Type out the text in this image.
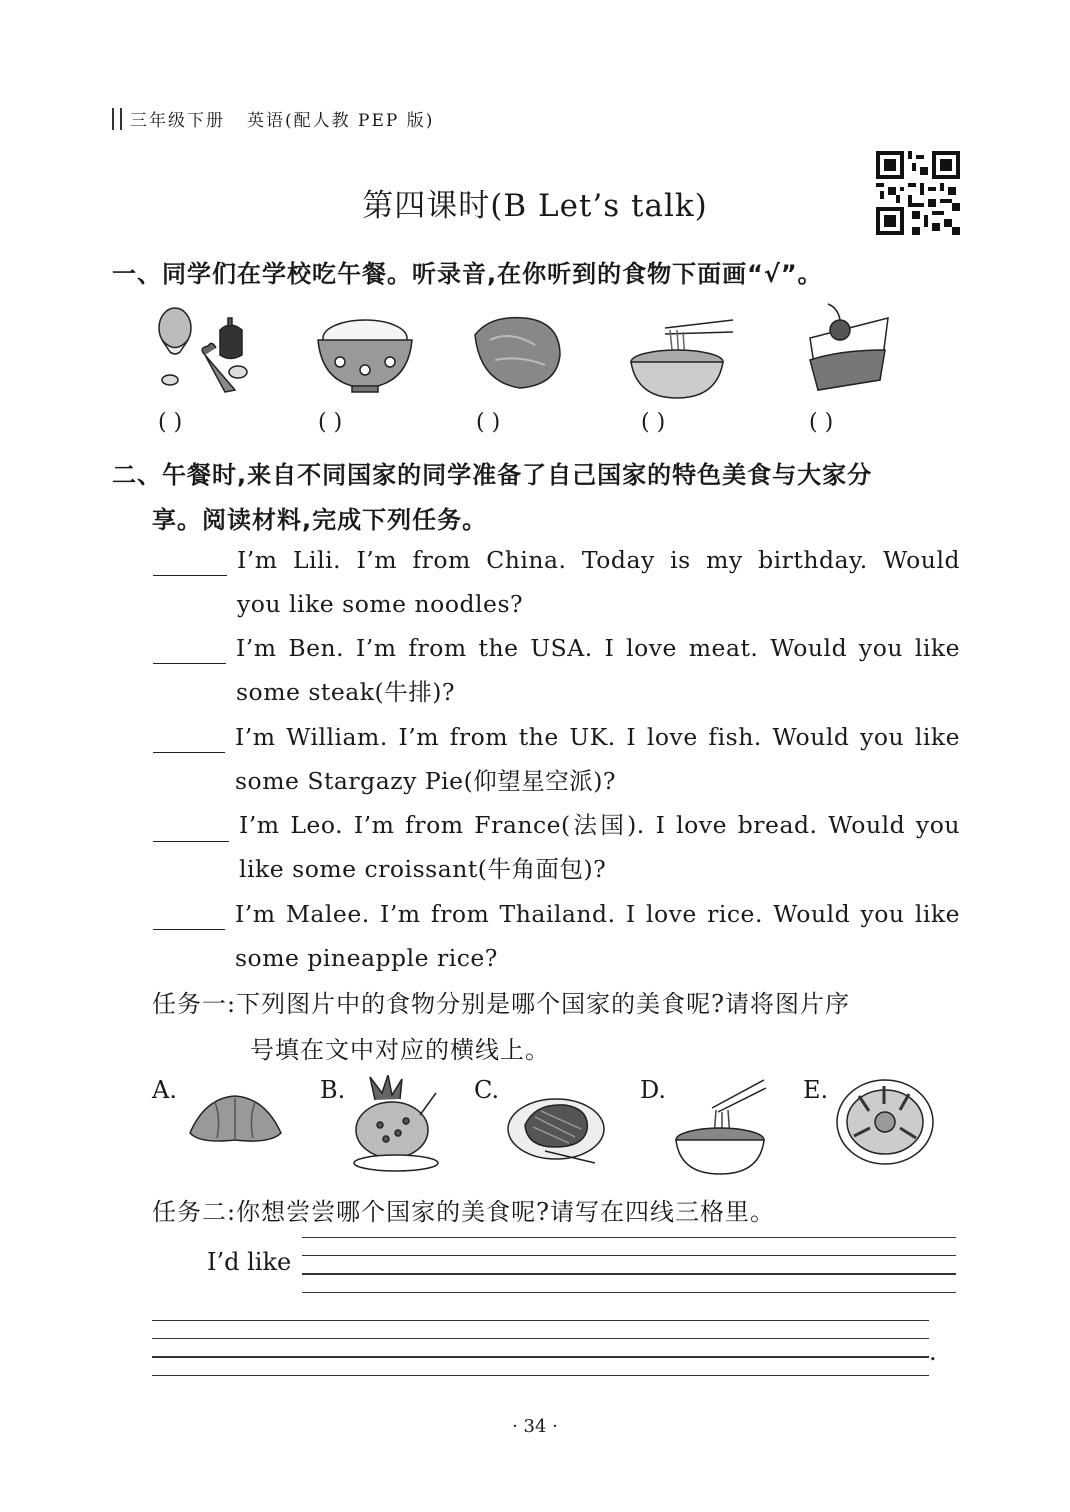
三年级下册 英语(配人教 PEP 版)
第四课时(B Let’s talk)
一、同学们在学校吃午餐。听录音,在你听到的食物下面画“√”。
( )	( )	( )	( )	( )
二、午餐时,来自不同国家的同学准备了自己国家的特色美食与大家分
享。阅读材料,完成下列任务。
I’m Lili. I’m from China. Today is my birthday. Would
you like some noodles?
I’m Ben. I’m from the USA. I love meat. Would you like
some steak(牛排)?
I’m William. I’m from the UK. I love fish. Would you like
some Stargazy Pie(仰望星空派)?
I’m Leo. I’m from France(法国). I love bread. Would you
like some croissant(牛角面包)?
I’m Malee. I’m from Thailand. I love rice. Would you like
some pineapple rice?
任务一:下列图片中的食物分别是哪个国家的美食呢?请将图片序
号填在文中对应的横线上。
A.	B.	C.	D.	E.
任务二:你想尝尝哪个国家的美食呢?请写在四线三格里。
I’d like
.
· 34 ·
